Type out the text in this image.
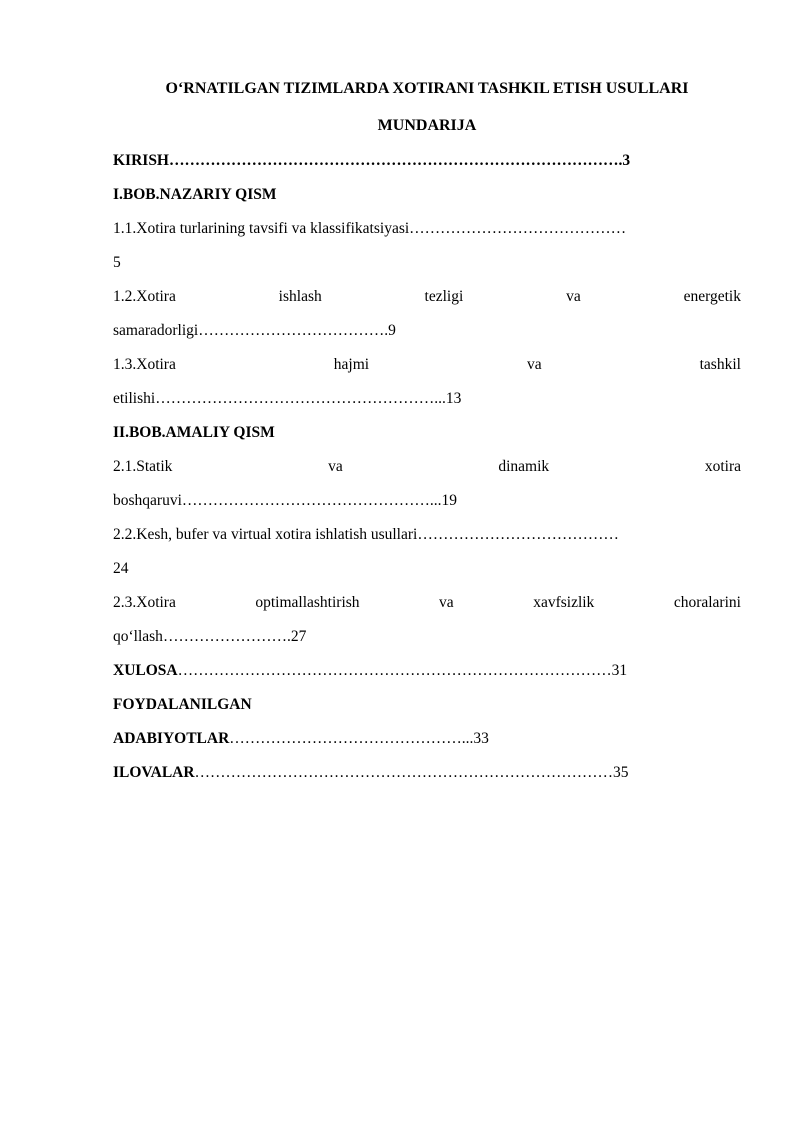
O‘RNATILGAN TIZIMLARDA XOTIRANI TASHKIL ETISH USULLARI

MUNDARIJA

KIRISH…………………………………………………………………………….3
I.BOB.NAZARIY QISM
1.1.Xotira turlarining tavsifi va klassifikatsiyasi……………………………………
5
1.2.Xotira	ishlash	tezligi	va	energetik
samaradorligi……………………………….9
1.3.Xotira	hajmi	va	tashkil
etilishi………………………………………………...13
II.BOB.AMALIY QISM
2.1.Statik	va	dinamik	xotira
boshqaruvi…………………………………………...19
2.2.Kesh, bufer va virtual xotira ishlatish usullari…………………………………
24
2.3.Xotira	optimallashtirish	va	xavfsizlik	choralarini
qo‘llash…………………….27
XULOSA…………………………………………………………………………31
FOYDALANILGAN
ADABIYOTLAR………………………………………...33
ILOVALAR………………………………………………………………………35
